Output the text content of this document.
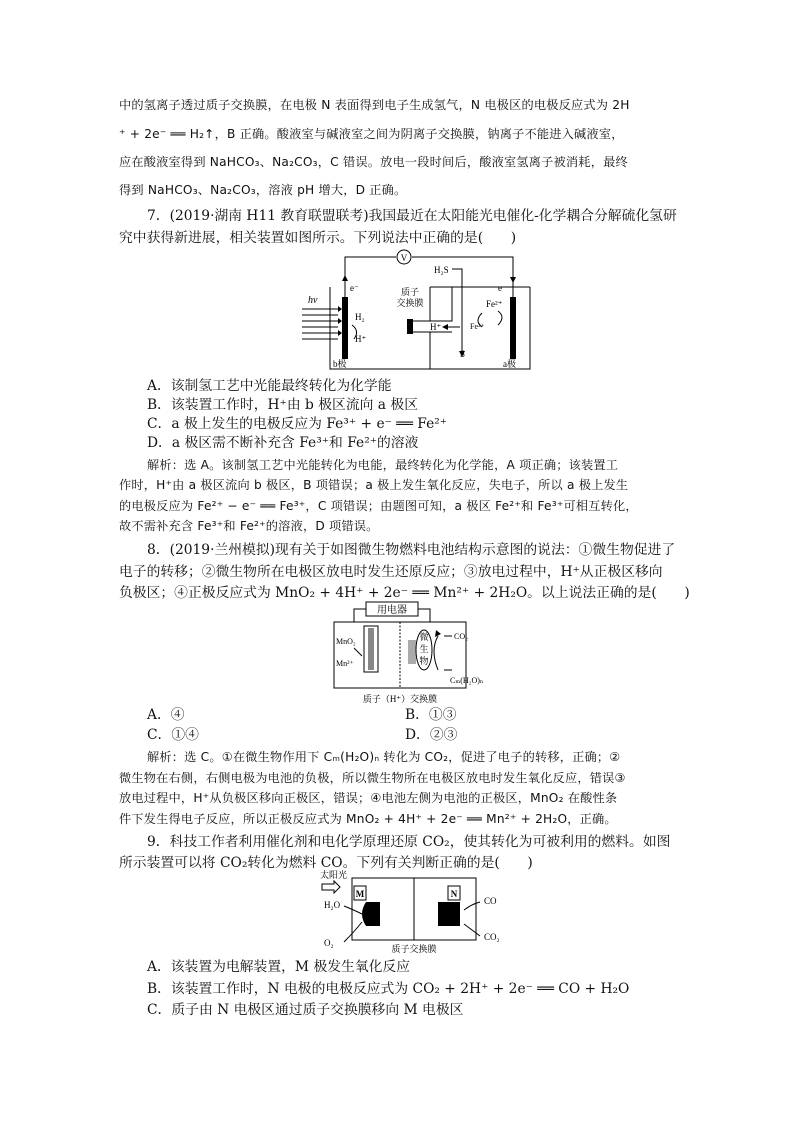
中的氢离子透过质子交换膜，在电极 N 表面得到电子生成氢气，N 电极区的电极反应式为 2H
⁺ + 2e⁻ ══ H₂↑，B 正确。酸液室与碱液室之间为阴离子交换膜，钠离子不能进入碱液室，
应在酸液室得到 NaHCO₃、Na₂CO₃，C 错误。放电一段时间后，酸液室氢离子被消耗，最终
得到 NaHCO₃、Na₂CO₃，溶液 pH 增大，D 正确。
7．(2019·湖南 H11 教育联盟联考)我国最近在太阳能光电催化-化学耦合分解硫化氢研
究中获得新进展，相关装置如图所示。下列说法中正确的是(　　)
V
hv
e⁻	e⁻
H₂
H⁺
b极	a极
质子
交换膜
H₂S
H⁺
S
Fe²⁺
Fe³⁺
A．该制氢工艺中光能最终转化为化学能
B．该装置工作时，H⁺由 b 极区流向 a 极区
C．a 极上发生的电极反应为 Fe³⁺ + e⁻ ══ Fe²⁺
D．a 极区需不断补充含 Fe³⁺和 Fe²⁺的溶液
解析：选 A。该制氢工艺中光能转化为电能，最终转化为化学能，A 项正确；该装置工
作时，H⁺由 a 极区流向 b 极区，B 项错误；a 极上发生氧化反应，失电子，所以 a 极上发生
的电极反应为 Fe²⁺ − e⁻ ══ Fe³⁺，C 项错误；由题图可知，a 极区 Fe²⁺和 Fe³⁺可相互转化，
故不需补充含 Fe³⁺和 Fe²⁺的溶液，D 项错误。
8．(2019·兰州模拟)现有关于如图微生物燃料电池结构示意图的说法：①微生物促进了
电子的转移；②微生物所在电极区放电时发生还原反应；③放电过程中，H⁺从正极区移向
负极区；④正极反应式为 MnO₂ + 4H⁺ + 2e⁻ ══ Mn²⁺ + 2H₂O。以上说法正确的是(　　)
用电器
微
生
物
MnO₂
Mn²⁺
CO₂
Cₘ(H₂O)ₙ
质子（H⁺）交换膜
A．④	B．①③
C．①④	D．②③
解析：选 C。①在微生物作用下 Cₘ(H₂O)ₙ 转化为 CO₂，促进了电子的转移，正确；②
微生物在右侧，右侧电极为电池的负极，所以微生物所在电极区放电时发生氧化反应，错误③
放电过程中，H⁺从负极区移向正极区，错误；④电池左侧为电池的正极区，MnO₂ 在酸性条
件下发生得电子反应，所以正极反应式为 MnO₂ + 4H⁺ + 2e⁻ ══ Mn²⁺ + 2H₂O，正确。
9．科技工作者利用催化剂和电化学原理还原 CO₂，使其转化为可被利用的燃料。如图
所示装置可以将 CO₂转化为燃料 CO。下列有关判断正确的是(　　)
太阳光
M	N
H₂O
O₂
CO
CO₂
质子交换膜
A．该装置为电解装置，M 极发生氧化反应
B．该装置工作时，N 电极的电极反应式为 CO₂ + 2H⁺ + 2e⁻ ══ CO + H₂O
C．质子由 N 电极区通过质子交换膜移向 M 电极区
